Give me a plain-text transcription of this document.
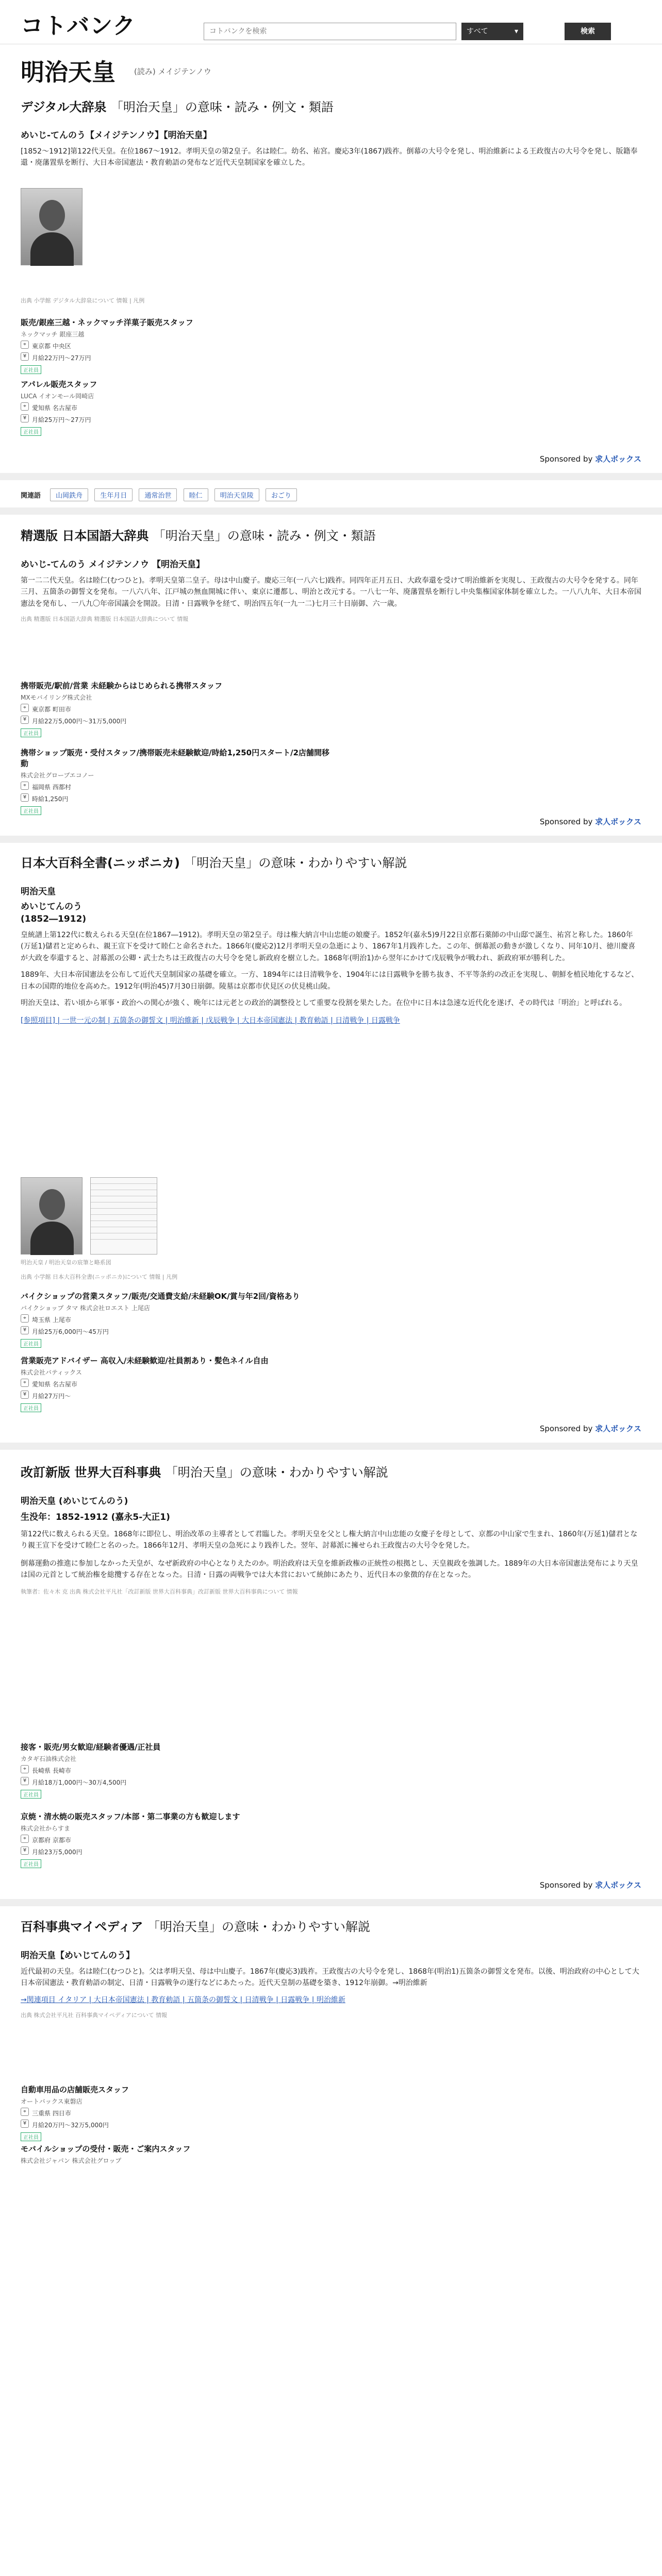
コトバンク
コトバンクを検索	すべて	▾	検索
明治天皇 (読み) メイジテンノウ
デジタル大辞泉 「明治天皇」の意味・読み・例文・類語
めいじ‐てんのう【メイジテンノウ】【明治天皇】
[1852〜1912]第122代天皇。在位1867〜1912。孝明天皇の第2皇子。名は睦仁。幼名、祐宮。慶応3年(1867)践祚。倒幕の大号令を発し、明治維新による王政復古の大号令を発し、版籍奉還・廃藩置県を断行、大日本帝国憲法・教育勅語の発布など近代天皇制国家を確立した。
出典 小学館 デジタル大辞泉について 情報 | 凡例
販売/銀座三越・ネックマッチ洋菓子販売スタッフ
ネックマッチ 銀座三越
⌖ 東京都 中央区
¥ 月給22万円〜27万円
正社員
アパレル販売スタッフ
LUCA イオンモール岡崎店
⌖ 愛知県 名古屋市
¥ 月給25万円〜27万円
正社員
Sponsored by 求人ボックス
関連語 山岡鉄舟	生年月日	通常治世	睦仁	明治天皇陵	おごり
精選版 日本国語大辞典 「明治天皇」の意味・読み・例文・類語
めいじ‐てんのう メイジテンノウ 【明治天皇】
第一二二代天皇。名は睦仁(むつひと)。孝明天皇第二皇子。母は中山慶子。慶応三年(一八六七)践祚。同四年正月五日、大政奉還を受けて明治維新を実現し、王政復古の大号令を発する。同年三月、五箇条の御誓文を発布。一八六八年、江戸城の無血開城に伴い、東京に遷都し、明治と改元する。一八七一年、廃藩置県を断行し中央集権国家体制を確立した。一八八九年、大日本帝国憲法を発布し、一八九〇年帝国議会を開設。日清・日露戦争を経て、明治四五年(一九一二)七月三十日崩御、六一歳。
出典 精選版 日本国語大辞典 精選版 日本国語大辞典について 情報
携帯販売/駅前/営業 未経験からはじめられる携帯スタッフ
MXモバイリング株式会社
⌖ 東京都 町田市
¥ 月給22万5,000円〜31万5,000円
正社員
携帯ショップ販売・受付スタッフ/携帯販売未経験歓迎/時給1,250円スタート/2店舗間移動
株式会社グローブエコノー
⌖ 福岡県 西都村
¥ 時給1,250円
正社員
Sponsored by 求人ボックス
日本大百科全書(ニッポニカ) 「明治天皇」の意味・わかりやすい解説
明治天皇
めいじてんのう
(1852―1912)
皇統譜上第122代に数えられる天皇(在位1867―1912)。孝明天皇の第2皇子。母は権大納言中山忠能の娘慶子。1852年(嘉永5)9月22日京都石薬師の中山邸で誕生、祐宮と称した。1860年(万延1)儲君と定められ、親王宣下を受けて睦仁と命名された。1866年(慶応2)12月孝明天皇の急逝により、1867年1月践祚した。この年、倒幕派の動きが激しくなり、同年10月、徳川慶喜が大政を奉還すると、討幕派の公卿・武士たちは王政復古の大号令を発し新政府を樹立した。1868年(明治1)から翌年にかけて戊辰戦争が戦われ、新政府軍が勝利した。
1889年、大日本帝国憲法を公布して近代天皇制国家の基礎を確立。一方、1894年には日清戦争を、1904年には日露戦争を勝ち抜き、不平等条約の改正を実現し、朝鮮を植民地化するなど、日本の国際的地位を高めた。1912年(明治45)7月30日崩御。陵墓は京都市伏見区の伏見桃山陵。
明治天皇は、若い頃から軍事・政治への関心が強く、晩年には元老との政治的調整役として重要な役割を果たした。在位中に日本は急速な近代化を遂げ、その時代は「明治」と呼ばれる。
[参照項目] | 一世一元の制 | 五箇条の御誓文 | 明治維新 | 戊辰戦争 | 大日本帝国憲法 | 教育勅語 | 日清戦争 | 日露戦争
明治天皇 / 明治天皇の宸筆と略系図
出典 小学館 日本大百科全書(ニッポニカ)について 情報 | 凡例
バイクショップの営業スタッフ/販売/交通費支給/未経験OK/賞与年2回/資格あり
バイクショップ タマ 株式会社ロエスト 上尾店
⌖ 埼玉県 上尾市
¥ 月給25万6,000円〜45万円
正社員
営業販売アドバイザー 高収入/未経験歓迎/社員割あり・髪色ネイル自由
株式会社バティックス
⌖ 愛知県 名古屋市
¥ 月給27万円〜
正社員
Sponsored by 求人ボックス
改訂新版 世界大百科事典 「明治天皇」の意味・わかりやすい解説
明治天皇 (めいじてんのう)
生没年：1852-1912 (嘉永5-大正1)
第122代に数えられる天皇。1868年に即位し、明治改革の主導者として君臨した。孝明天皇を父とし権大納言中山忠能の女慶子を母として、京都の中山家で生まれ、1860年(万延1)儲君となり親王宣下を受けて睦仁と名のった。1866年12月、孝明天皇の急死により践祚した。翌年、討幕派に擁せられ王政復古の大号令を発した。
倒幕運動の推進に参加しなかった天皇が、なぜ新政府の中心となりえたのか。明治政府は天皇を維新政権の正統性の根拠とし、天皇親政を強調した。1889年の大日本帝国憲法発布により天皇は国の元首として統治権を総攬する存在となった。日清・日露の両戦争では大本営において統帥にあたり、近代日本の象徴的存在となった。
執筆者：佐々木 克 出典 株式会社平凡社「改訂新版 世界大百科事典」改訂新版 世界大百科事典について 情報
接客・販売/男女歓迎/経験者優遇/正社員
カタギ石油株式会社
⌖ 長崎県 長崎市
¥ 月給18万1,000円〜30万4,500円
正社員
京焼・清水焼の販売スタッフ/本部・第二事業の方も歓迎します
株式会社からすま
⌖ 京都府 京都市
¥ 月給23万5,000円
正社員
Sponsored by 求人ボックス
百科事典マイペディア 「明治天皇」の意味・わかりやすい解説
明治天皇【めいじてんのう】
近代最初の天皇。名は睦仁(むつひと)。父は孝明天皇、母は中山慶子。1867年(慶応3)践祚。王政復古の大号令を発し、1868年(明治1)五箇条の御誓文を発布。以後、明治政府の中心として大日本帝国憲法・教育勅語の制定、日清・日露戦争の遂行などにあたった。近代天皇制の基礎を築き、1912年崩御。→明治維新
→関連項目 イタリア | 大日本帝国憲法 | 教育勅語 | 五箇条の御誓文 | 日清戦争 | 日露戦争 | 明治維新
出典 株式会社平凡社 百科事典マイペディアについて 情報
自動車用品の店舗販売スタッフ
オートバックス東磐店
⌖ 三重県 四日市
¥ 月給20万円〜32万5,000円
正社員
モバイルショップの受付・販売・ご案内スタッフ
株式会社ジャパン 株式会社グロップ
